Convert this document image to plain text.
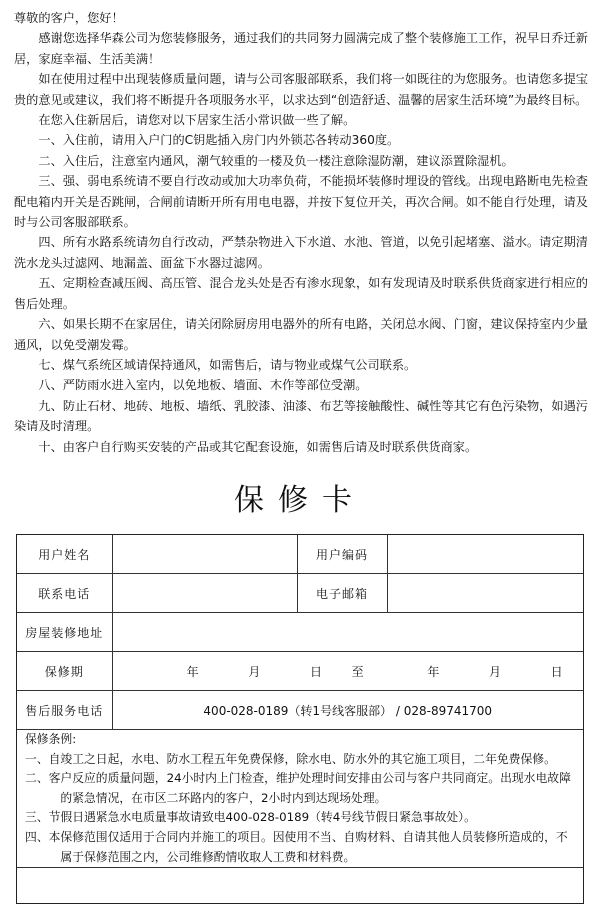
尊敬的客户，您好！

感谢您选择华森公司为您装修服务，通过我们的共同努力圆满完成了整个装修施工工作，祝早日乔迁新居，家庭幸福、生活美满！

如在使用过程中出现装修质量问题，请与公司客服部联系，我们将一如既往的为您服务。也请您多提宝贵的意见或建议，我们将不断提升各项服务水平，以求达到“创造舒适、温馨的居家生活环境”为最终目标。

在您入住新居后，请您对以下居家生活小常识做一些了解。

一、入住前，请用入户门的C钥匙插入房门内外锁芯各转动360度。

二、入住后，注意室内通风，潮气较重的一楼及负一楼注意除湿防潮，建议添置除湿机。

三、强、弱电系统请不要自行改动或加大功率负荷，不能损坏装修时埋设的管线。出现电路断电先检查配电箱内开关是否跳闸，合闸前请断开所有用电电器，并按下复位开关，再次合闸。如不能自行处理，请及时与公司客服部联系。

四、所有水路系统请勿自行改动，严禁杂物进入下水道、水池、管道，以免引起堵塞、溢水。请定期清洗水龙头过滤网、地漏盖、面盆下水器过滤网。

五、定期检查减压阀、高压管、混合龙头处是否有渗水现象，如有发现请及时联系供货商家进行相应的售后处理。

六、如果长期不在家居住，请关闭除厨房用电器外的所有电路，关闭总水阀、门窗，建议保持室内少量通风，以免受潮发霉。

七、煤气系统区域请保持通风，如需售后，请与物业或煤气公司联系。

八、严防雨水进入室内，以免地板、墙面、木作等部位受潮。

九、防止石材、地砖、地板、墙纸、乳胶漆、油漆、布艺等接触酸性、碱性等其它有色污染物，如遇污染请及时清理。

十、由客户自行购买安装的产品或其它配套设施，如需售后请及时联系供货商家。

保修卡
用户姓名		用户编码	
联系电话		电子邮箱	
房屋装修地址			
保修期	年 月 日 至 年 月 日		
售后服务电话	400-028-0189（转1号线客服部） / 028-89741700		

保修条例:

一、自竣工之日起，水电、防水工程五年免费保修，除水电、防水外的其它施工项目，二年免费保修。

二、客户反应的质量问题，24小时内上门检查，维护处理时间安排由公司与客户共同商定。出现水电故障的紧急情况，在市区二环路内的客户，2小时内到达现场处理。

三、节假日遇紧急水电质量事故请致电400-028-0189（转4号线节假日紧急事故处）。

四、本保修范围仅适用于合同内并施工的项目。因使用不当、自购材料、自请其他人员装修所造成的，不属于保修范围之内，公司维修酌情收取人工费和材料费。			
